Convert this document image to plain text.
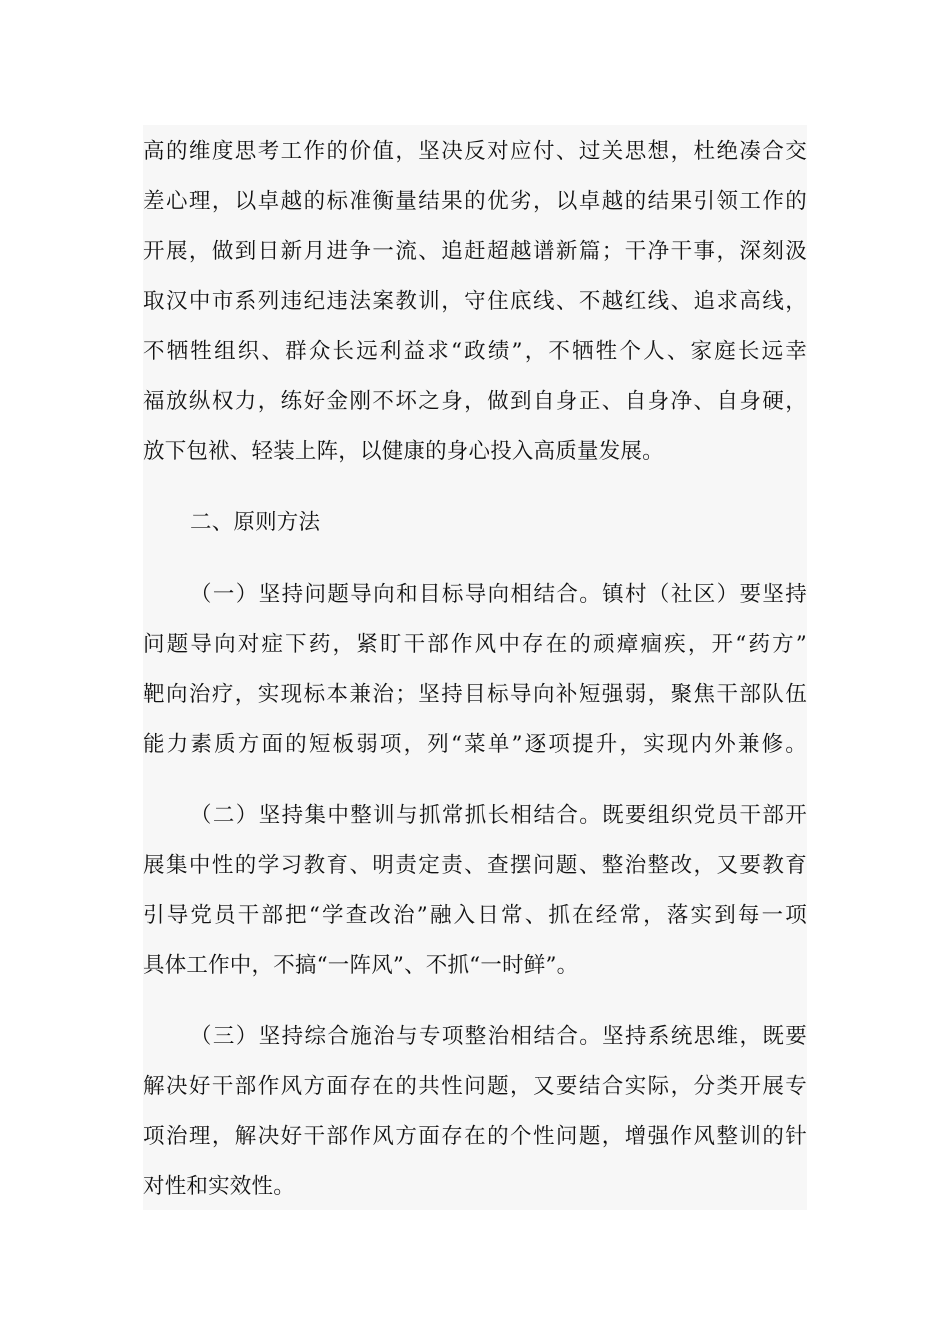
高的维度思考工作的价值，坚决反对应付、过关思想，杜绝凑合交
差心理，以卓越的标准衡量结果的优劣，以卓越的结果引领工作的
开展，做到日新月进争一流、追赶超越谱新篇；干净干事，深刻汲
取汉中市系列违纪违法案教训，守住底线、不越红线、追求高线，
不牺牲组织、群众长远利益求“政绩”，不牺牲个人、家庭长远幸
福放纵权力，练好金刚不坏之身，做到自身正、自身净、自身硬，
放下包袱、轻装上阵，以健康的身心投入高质量发展。
二、原则方法
（一）坚持问题导向和目标导向相结合。镇村（社区）要坚持
问题导向对症下药，紧盯干部作风中存在的顽瘴痼疾，开“药方”
靶向治疗，实现标本兼治；坚持目标导向补短强弱，聚焦干部队伍
能力素质方面的短板弱项，列“菜单”逐项提升，实现内外兼修。
（二）坚持集中整训与抓常抓长相结合。既要组织党员干部开
展集中性的学习教育、明责定责、查摆问题、整治整改，又要教育
引导党员干部把“学查改治”融入日常、抓在经常，落实到每一项
具体工作中，不搞“一阵风”、不抓“一时鲜”。
（三）坚持综合施治与专项整治相结合。坚持系统思维，既要
解决好干部作风方面存在的共性问题，又要结合实际，分类开展专
项治理，解决好干部作风方面存在的个性问题，增强作风整训的针
对性和实效性。
